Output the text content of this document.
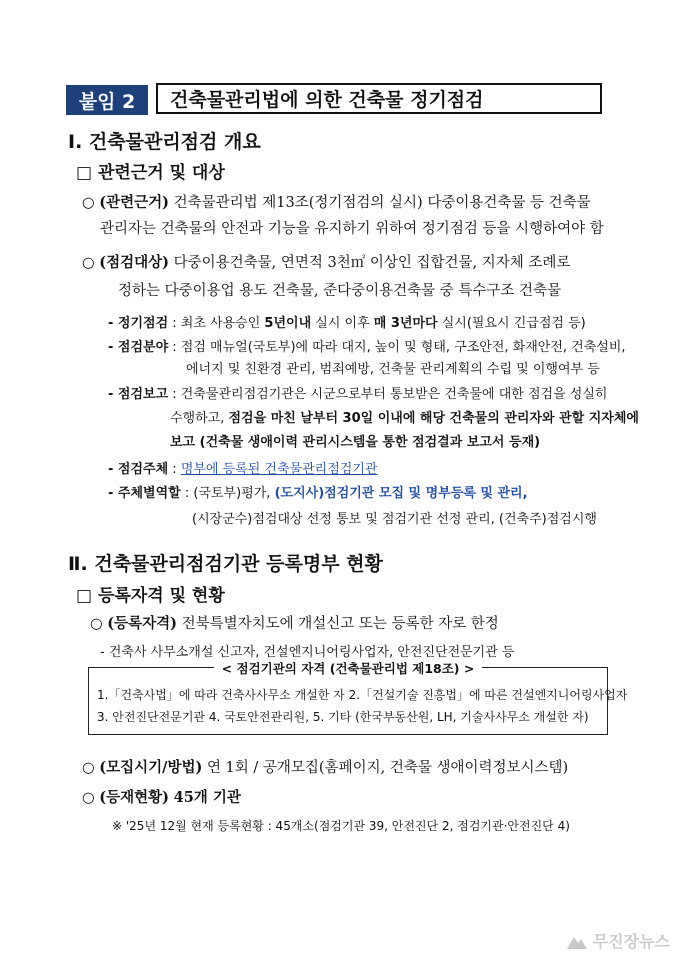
붙임 2	건축물관리법에 의한 건축물 정기점검
Ⅰ. 건축물관리점검 개요
□ 관련근거 및 대상
○ (관련근거) 건축물관리법 제13조(정기점검의 실시) 다중이용건축물 등 건축물
관리자는 건축물의 안전과 기능을 유지하기 위하여 정기점검 등을 시행하여야 함
○ (점검대상) 다중이용건축물, 연면적 3천㎡ 이상인 집합건물, 지자체 조례로
정하는 다중이용업 용도 건축물, 준다중이용건축물 중 특수구조 건축물
- 정기점검 : 최초 사용승인 5년이내 실시 이후 매 3년마다 실시(필요시 긴급점검 등)
- 점검분야 : 점검 매뉴얼(국토부)에 따라 대지, 높이 및 형태, 구조안전, 화재안전, 건축설비,
에너지 및 친환경 관리, 범죄예방, 건축물 관리계획의 수립 및 이행여부 등
- 점검보고 : 건축물관리점검기관은 시군으로부터 통보받은 건축물에 대한 점검을 성실히
수행하고, 점검을 마친 날부터 30일 이내에 해당 건축물의 관리자와 관할 지자체에
보고 (건축물 생애이력 관리시스템을 통한 점검결과 보고서 등재)
- 점검주체 : 명부에 등록된 건축물관리점검기관
- 주체별역할 : (국토부)평가, (도지사)점검기관 모집 및 명부등록 및 관리,
(시장군수)점검대상 선정 통보 및 점검기관 선정 관리, (건축주)점검시행
Ⅱ. 건축물관리점검기관 등록명부 현황
□ 등록자격 및 현황
○ (등록자격) 전북특별자치도에 개설신고 또는 등록한 자로 한정
- 건축사 사무소개설 신고자, 건설엔지니어링사업자, 안전진단전문기관 등
< 점검기관의 자격 (건축물관리법 제18조) >
1.「건축사법」에 따라 건축사사무소 개설한 자 2.「건설기술 진흥법」에 따른 건설엔지니어링사업자
3. 안전진단전문기관 4. 국토안전관리원, 5. 기타 (한국부동산원, LH, 기술사사무소 개설한 자)
○ (모집시기/방법) 연 1회 / 공개모집(홈페이지, 건축물 생애이력정보시스템)
○ (등재현황) 45개 기관
※ '25년 12월 현재 등록현황 : 45개소(점검기관 39, 안전진단 2, 점검기관·안전진단 4)
무진장뉴스
